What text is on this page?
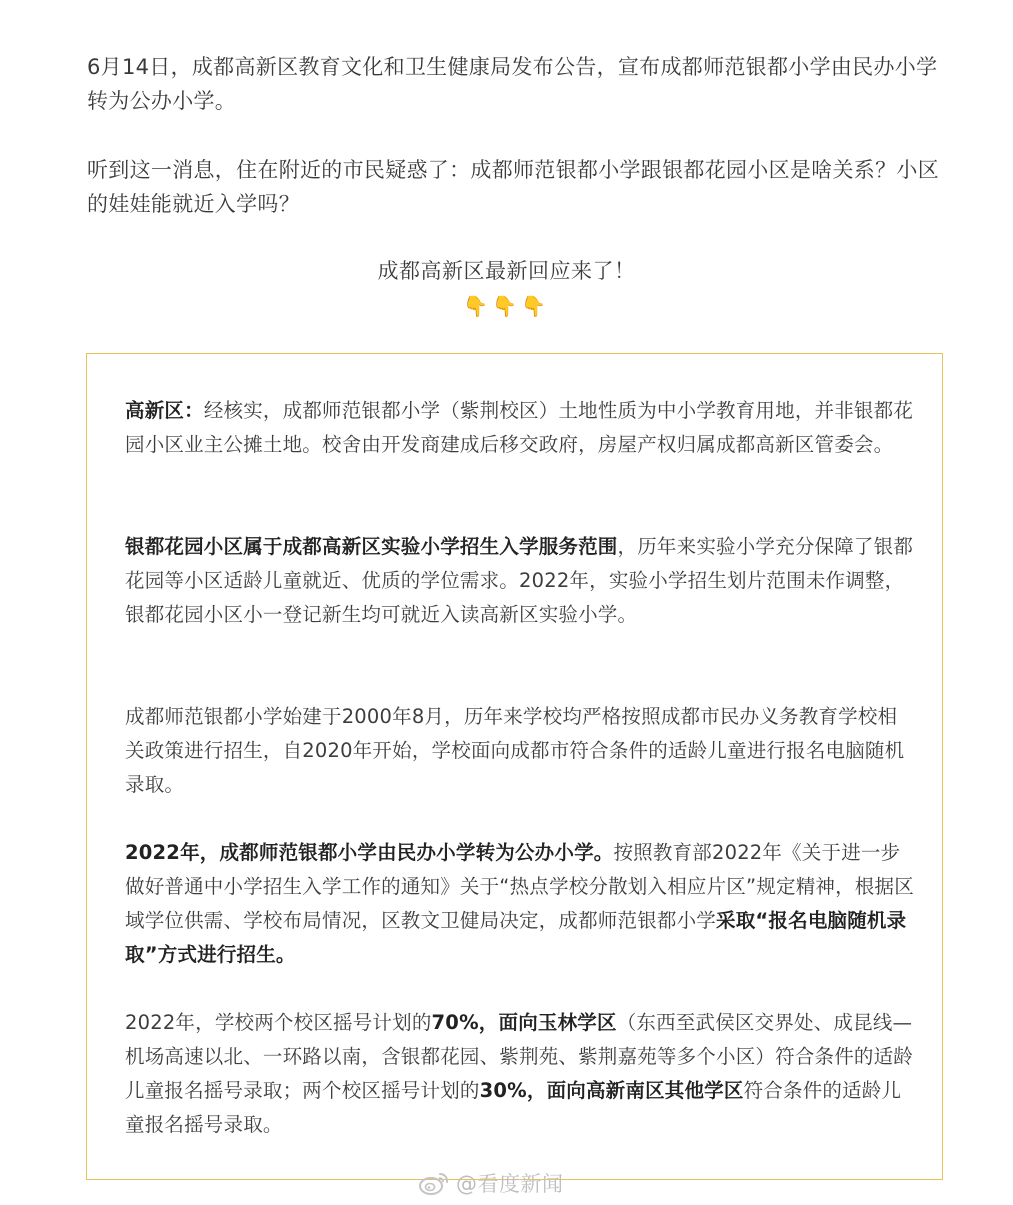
6月14日，成都高新区教育文化和卫生健康局发布公告，宣布成都师范银都小学由民办小学转为公办小学。

听到这一消息，住在附近的市民疑惑了：成都师范银都小学跟银都花园小区是啥关系？小区的娃娃能就近入学吗？

成都高新区最新回应来了！

👇👇👇

高新区：经核实，成都师范银都小学（紫荆校区）土地性质为中小学教育用地，并非银都花园小区业主公摊土地。校舍由开发商建成后移交政府，房屋产权归属成都高新区管委会。

银都花园小区属于成都高新区实验小学招生入学服务范围，历年来实验小学充分保障了银都花园等小区适龄儿童就近、优质的学位需求。2022年，实验小学招生划片范围未作调整，银都花园小区小一登记新生均可就近入读高新区实验小学。

成都师范银都小学始建于2000年8月，历年来学校均严格按照成都市民办义务教育学校相关政策进行招生，自2020年开始，学校面向成都市符合条件的适龄儿童进行报名电脑随机录取。

2022年，成都师范银都小学由民办小学转为公办小学。按照教育部2022年《关于进一步做好普通中小学招生入学工作的通知》关于“热点学校分散划入相应片区”规定精神，根据区域学位供需、学校布局情况，区教文卫健局决定，成都师范银都小学采取“报名电脑随机录取”方式进行招生。

2022年，学校两个校区摇号计划的70%，面向玉林学区（东西至武侯区交界处、成昆线—机场高速以北、一环路以南，含银都花园、紫荆苑、紫荆嘉苑等多个小区）符合条件的适龄儿童报名摇号录取；两个校区摇号计划的30%，面向高新南区其他学区符合条件的适龄儿童报名摇号录取。

@看度新闻
